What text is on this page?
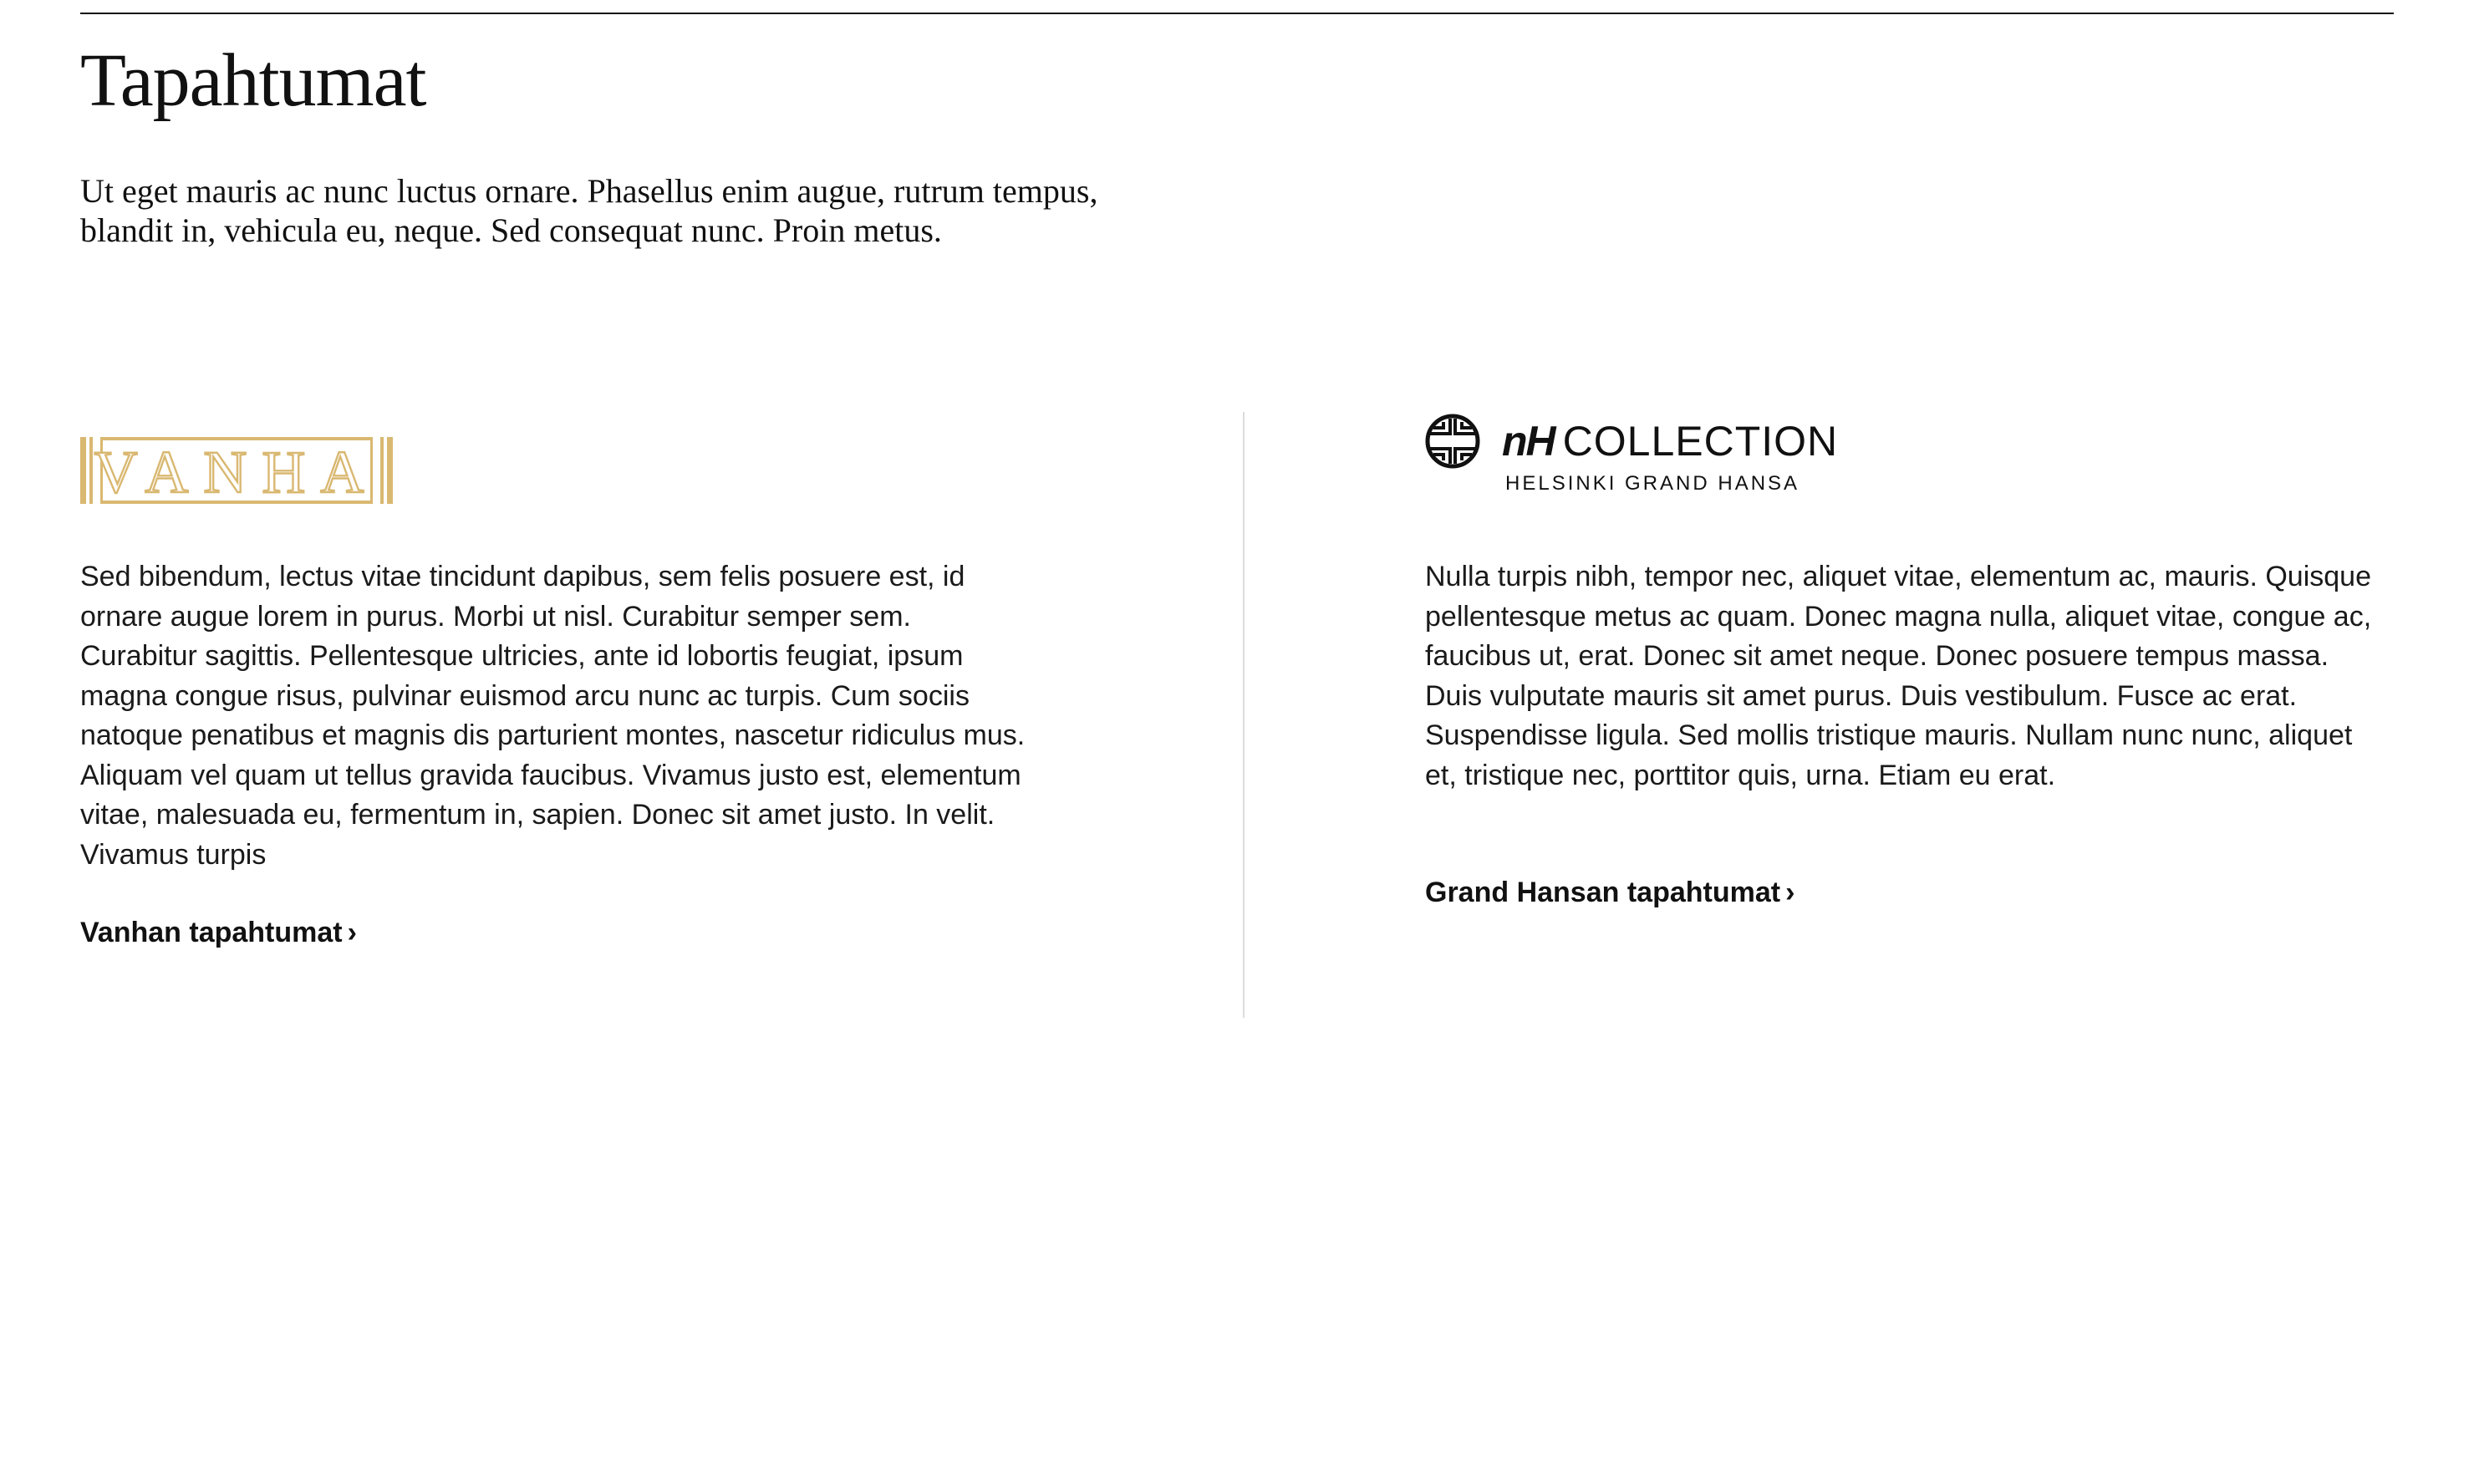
Tapahtumat

Ut eget mauris ac nunc luctus ornare. Phasellus enim augue, rutrum tempus, blandit in, vehicula eu, neque. Sed consequat nunc. Proin metus.

VANHA

Sed bibendum, lectus vitae tincidunt dapibus, sem felis posuere est, id ornare augue lorem in purus. Morbi ut nisl. Curabitur semper sem. Curabitur sagittis. Pellentesque ultricies, ante id lobortis feugiat, ipsum magna congue risus, pulvinar euismod arcu nunc ac turpis. Cum sociis natoque penatibus et magnis dis parturient montes, nascetur ridiculus mus. Aliquam vel quam ut tellus gravida faucibus. Vivamus justo est, elementum vitae, malesuada eu, fermentum in, sapien. Donec sit amet justo. In velit. Vivamus turpis

Vanhan tapahtumat ›
nH COLLECTION
HELSINKI GRAND HANSA

Nulla turpis nibh, tempor nec, aliquet vitae, elementum ac, mauris. Quisque pellentesque metus ac quam. Donec magna nulla, aliquet vitae, congue ac, faucibus ut, erat. Donec sit amet neque. Donec posuere tempus massa. Duis vulputate mauris sit amet purus. Duis vestibulum. Fusce ac erat. Suspendisse ligula. Sed mollis tristique mauris. Nullam nunc nunc, aliquet et, tristique nec, porttitor quis, urna. Etiam eu erat.

Grand Hansan tapahtumat ›
